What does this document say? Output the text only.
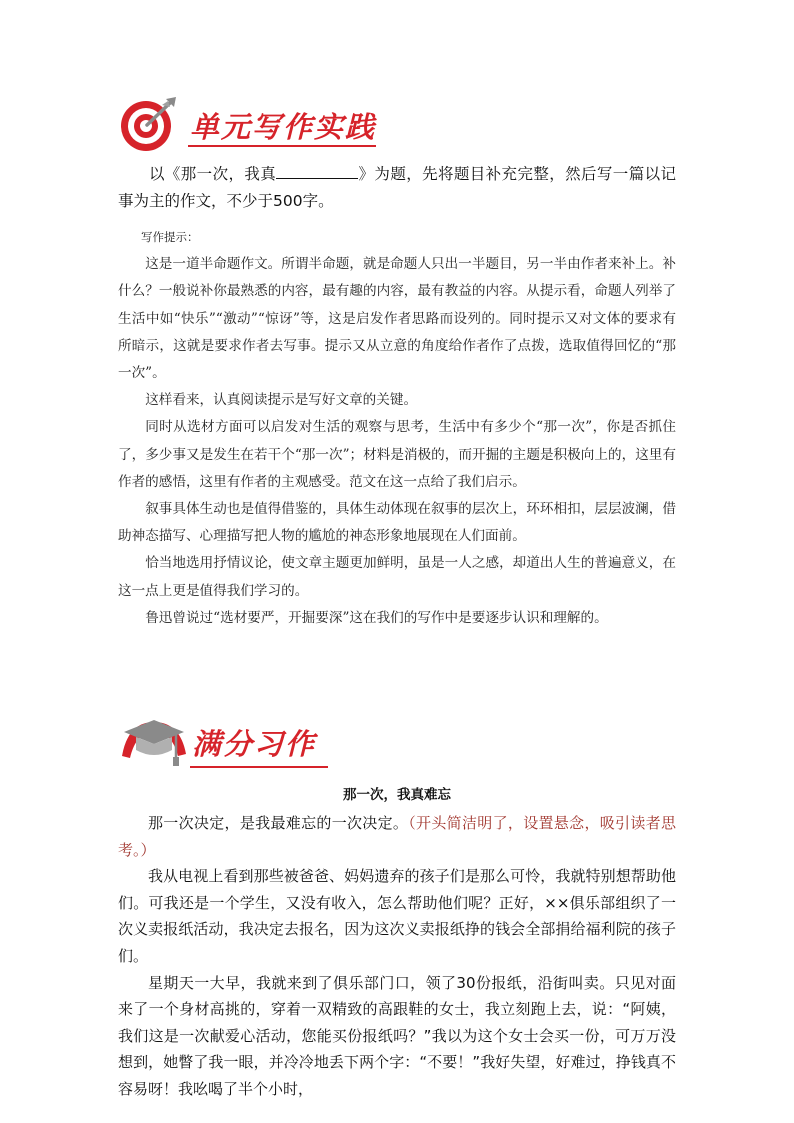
单元写作实践

以《那一次，我真	》为题，先将题目补充完整，然后写一篇以记事为主的作文，不少于500字。

写作提示：

这是一道半命题作文。所谓半命题，就是命题人只出一半题目，另一半由作者来补上。补什么？一般说补你最熟悉的内容，最有趣的内容，最有教益的内容。从提示看，命题人列举了生活中如“快乐”“激动”“惊讶”等，这是启发作者思路而设列的。同时提示又对文体的要求有所暗示，这就是要求作者去写事。提示又从立意的角度给作者作了点拨，选取值得回忆的“那一次”。

这样看来，认真阅读提示是写好文章的关键。

同时从选材方面可以启发对生活的观察与思考，生活中有多少个“那一次”，你是否抓住了，多少事又是发生在若干个“那一次”；材料是消极的，而开掘的主题是积极向上的，这里有作者的感悟，这里有作者的主观感受。范文在这一点给了我们启示。

叙事具体生动也是值得借鉴的，具体生动体现在叙事的层次上，环环相扣，层层波澜，借助神态描写、心理描写把人物的尴尬的神态形象地展现在人们面前。

恰当地选用抒情议论，使文章主题更加鲜明，虽是一人之感，却道出人生的普遍意义，在这一点上更是值得我们学习的。

鲁迅曾说过“选材要严，开掘要深”这在我们的写作中是要逐步认识和理解的。

满分习作
那一次，我真难忘

那一次决定，是我最难忘的一次决定。（开头简洁明了，设置悬念，吸引读者思考。）

我从电视上看到那些被爸爸、妈妈遗弃的孩子们是那么可怜，我就特别想帮助他们。可我还是一个学生，又没有收入，怎么帮助他们呢？正好，××俱乐部组织了一次义卖报纸活动，我决定去报名，因为这次义卖报纸挣的钱会全部捐给福利院的孩子们。

星期天一大早，我就来到了俱乐部门口，领了30份报纸，沿街叫卖。只见对面来了一个身材高挑的，穿着一双精致的高跟鞋的女士，我立刻跑上去，说：“阿姨，我们这是一次献爱心活动，您能买份报纸吗？”我以为这个女士会买一份，可万万没想到，她瞥了我一眼，并冷冷地丢下两个字：“不要！”我好失望，好难过，挣钱真不容易呀！我吆喝了半个小时，
